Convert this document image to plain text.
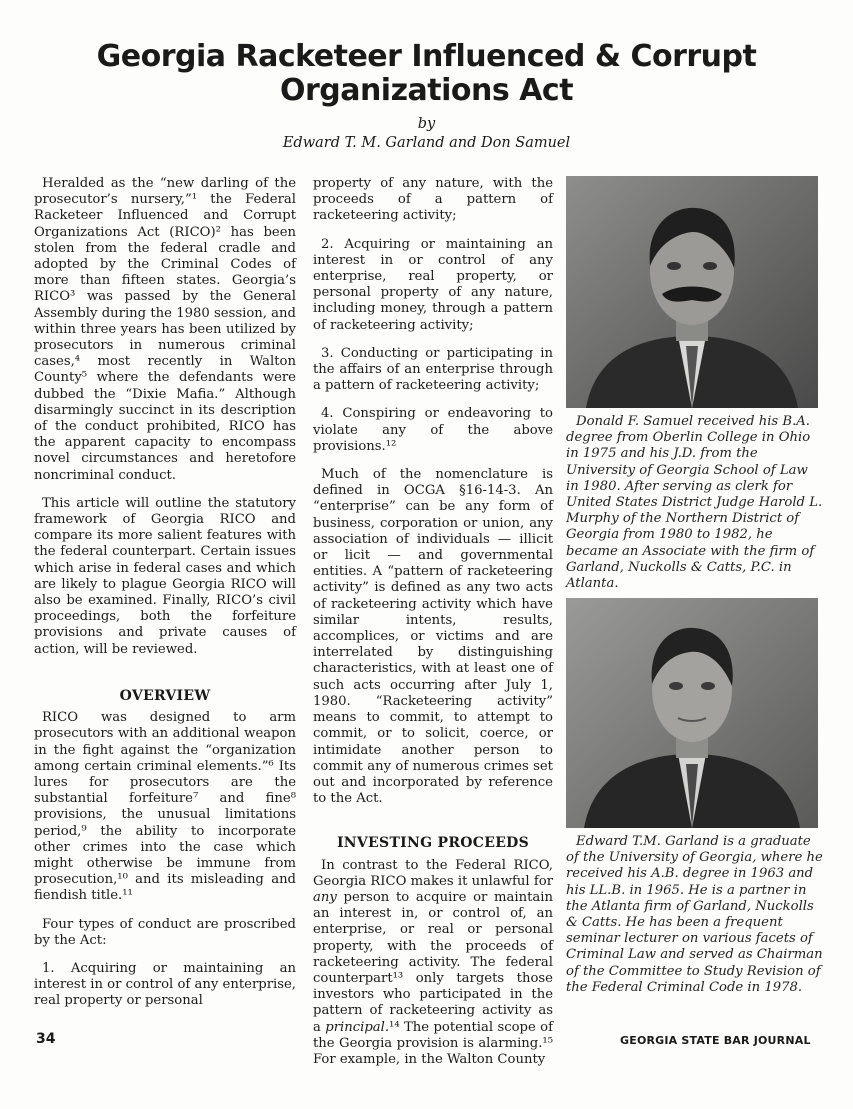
Georgia Racketeer Influenced & Corrupt
Organizations Act
by
Edward T. M. Garland and Don Samuel

Heralded as the “new darling of the prosecutor’s nursery,”¹ the Federal Racketeer Influenced and Corrupt Organizations Act (RICO)² has been stolen from the federal cradle and adopted by the Criminal Codes of more than fifteen states. Georgia’s RICO³ was passed by the General Assembly during the 1980 session, and within three years has been utilized by prosecutors in numerous criminal cases,⁴ most recently in Walton County⁵ where the defendants were dubbed the “Dixie Mafia.” Although disarmingly succinct in its description of the conduct prohibited, RICO has the apparent capacity to encompass novel circumstances and heretofore noncriminal conduct.

This article will outline the statutory framework of Georgia RICO and compare its more salient features with the federal counterpart. Certain issues which arise in federal cases and which are likely to plague Georgia RICO will also be examined. Finally, RICO’s civil proceedings, both the forfeiture provisions and private causes of action, will be reviewed.

OVERVIEW

RICO was designed to arm prosecutors with an additional weapon in the fight against the “organization among certain criminal elements.”⁶ Its lures for prosecutors are the substantial forfeiture⁷ and fine⁸ provisions, the unusual limitations period,⁹ the ability to incorporate other crimes into the case which might otherwise be immune from prosecution,¹⁰ and its misleading and fiendish title.¹¹

Four types of conduct are proscribed by the Act:

1. Acquiring or maintaining an interest in or control of any enterprise, real property or personal

property of any nature, with the proceeds of a pattern of racketeering activity;

2. Acquiring or maintaining an interest in or control of any enterprise, real property, or personal property of any nature, including money, through a pattern of racketeering activity;

3. Conducting or participating in the affairs of an enterprise through a pattern of racketeering activity;

4. Conspiring or endeavoring to violate any of the above provisions.¹²

Much of the nomenclature is defined in OCGA §16-14-3. An “enterprise” can be any form of business, corporation or union, any association of individuals — illicit or licit — and governmental entities. A “pattern of racketeering activity” is defined as any two acts of racketeering activity which have similar intents, results, accomplices, or victims and are interrelated by distinguishing characteristics, with at least one of such acts occurring after July 1, 1980. “Racketeering activity” means to commit, to attempt to commit, or to solicit, coerce, or intimidate another person to commit any of numerous crimes set out and incorporated by reference to the Act.

INVESTING PROCEEDS

In contrast to the Federal RICO, Georgia RICO makes it unlawful for any person to acquire or maintain an interest in, or control of, an enterprise, or real or personal property, with the proceeds of racketeering activity. The federal counterpart¹³ only targets those investors who participated in the pattern of racketeering activity as a principal.¹⁴ The potential scope of the Georgia provision is alarming.¹⁵ For example, in the Walton County

Donald F. Samuel received his B.A. degree from Oberlin College in Ohio in 1975 and his J.D. from the University of Georgia School of Law in 1980. After serving as clerk for United States District Judge Harold L. Murphy of the Northern District of Georgia from 1980 to 1982, he became an Associate with the firm of Garland, Nuckolls & Catts, P.C. in Atlanta.

Edward T.M. Garland is a graduate of the University of Georgia, where he received his A.B. degree in 1963 and his LL.B. in 1965. He is a partner in the Atlanta firm of Garland, Nuckolls & Catts. He has been a frequent seminar lecturer on various facets of Criminal Law and served as Chairman of the Committee to Study Revision of the Federal Criminal Code in 1978.

34	GEORGIA STATE BAR JOURNAL
